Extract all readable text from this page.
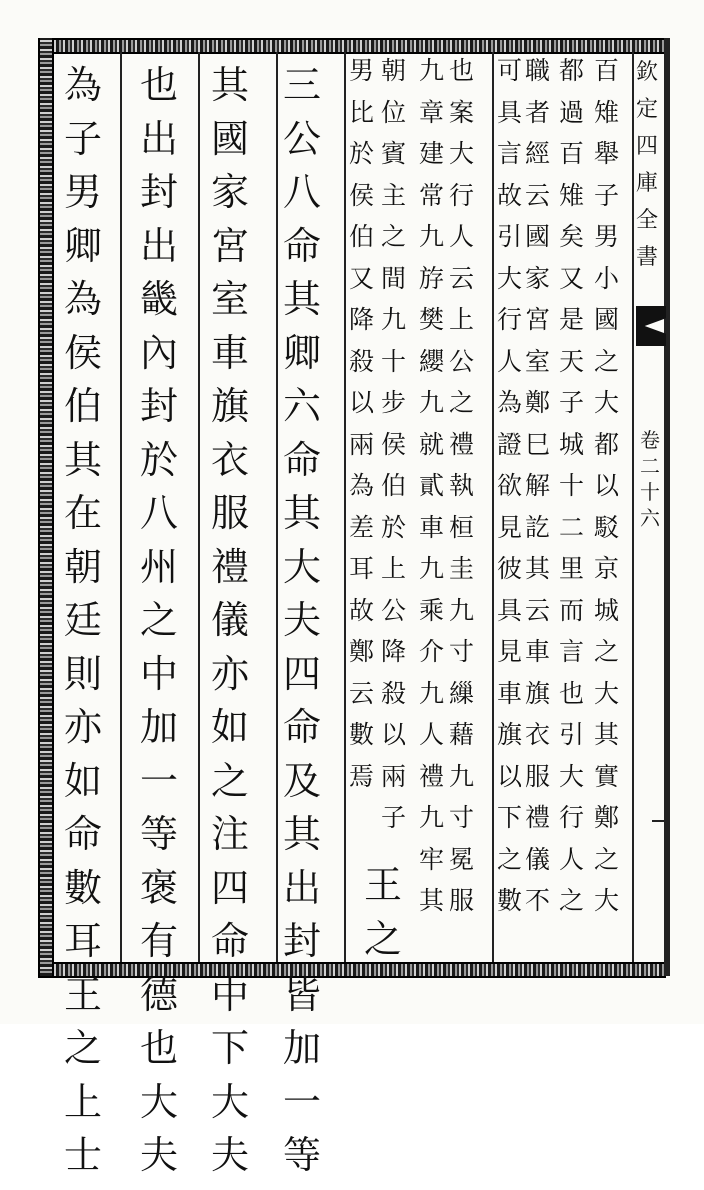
欽
定
四
庫
全
書
卷
二
十
六
百
雉
舉
子
男
小
國
之
大
都
以
駁
京
城
之
大
其
實
鄭
之
大
都
過
百
雉
矣
又
是
天
子
城
十
二
里
而
言
也
引
大
行
人
之
職
者
經
云
國
家
宮
室
鄭
巳
解
訖
其
云
車
旗
衣
服
禮
儀
不
可
具
言
故
引
大
行
人
為
證
欲
見
彼
具
見
車
旗
以
下
之
數
也
案
大
行
人
云
上
公
之
禮
執
桓
圭
九
寸
繅
藉
九
寸
冕
服
九
章
建
常
九
斿
樊
纓
九
就
貳
車
九
乘
介
九
人
禮
九
牢
其
朝
位
賓
主
之
間
九
十
步
侯
伯
於
上
公
降
殺
以
兩
子
男
比
於
侯
伯
又
降
殺
以
兩
為
差
耳
故
鄭
云
數
焉
三
公
八
命
其
卿
六
命
其
大
夫
四
命
及
其
出
封
皆
加
一
等
其
國
家
宮
室
車
旗
衣
服
禮
儀
亦
如
之
注
四
命
中
下
大
夫
也
出
封
出
畿
內
封
於
八
州
之
中
加
一
等
褒
有
德
也
大
夫
為
子
男
卿
為
侯
伯
其
在
朝
廷
則
亦
如
命
數
耳
王
之
上
士
王
之
